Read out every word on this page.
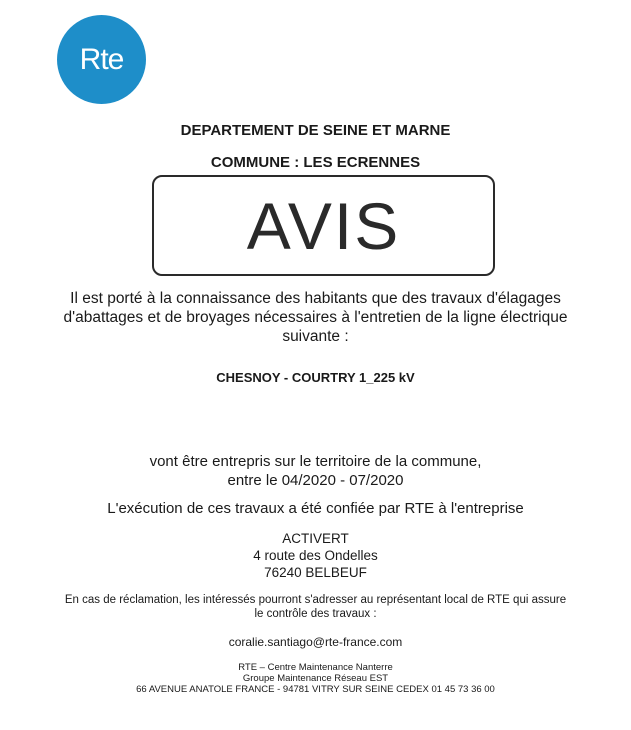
Rte
DEPARTEMENT DE SEINE ET MARNE
COMMUNE : LES ECRENNES
AVIS
Il est porté à la connaissance des habitants que des travaux d'élagages
d'abattages et de broyages nécessaires à l'entretien de la ligne électrique
suivante :
CHESNOY - COURTRY 1_225 kV
vont être entrepris sur le territoire de la commune,
entre le 04/2020 - 07/2020
L'exécution de ces travaux a été confiée par RTE à l'entreprise
ACTIVERT
4 route des Ondelles
76240 BELBEUF
En cas de réclamation, les intéressés pourront s'adresser au représentant local de RTE qui assure
le contrôle des travaux :
coralie.santiago@rte-france.com
RTE – Centre Maintenance Nanterre
Groupe Maintenance Réseau EST
66 AVENUE ANATOLE FRANCE - 94781 VITRY SUR SEINE CEDEX 01 45 73 36 00
